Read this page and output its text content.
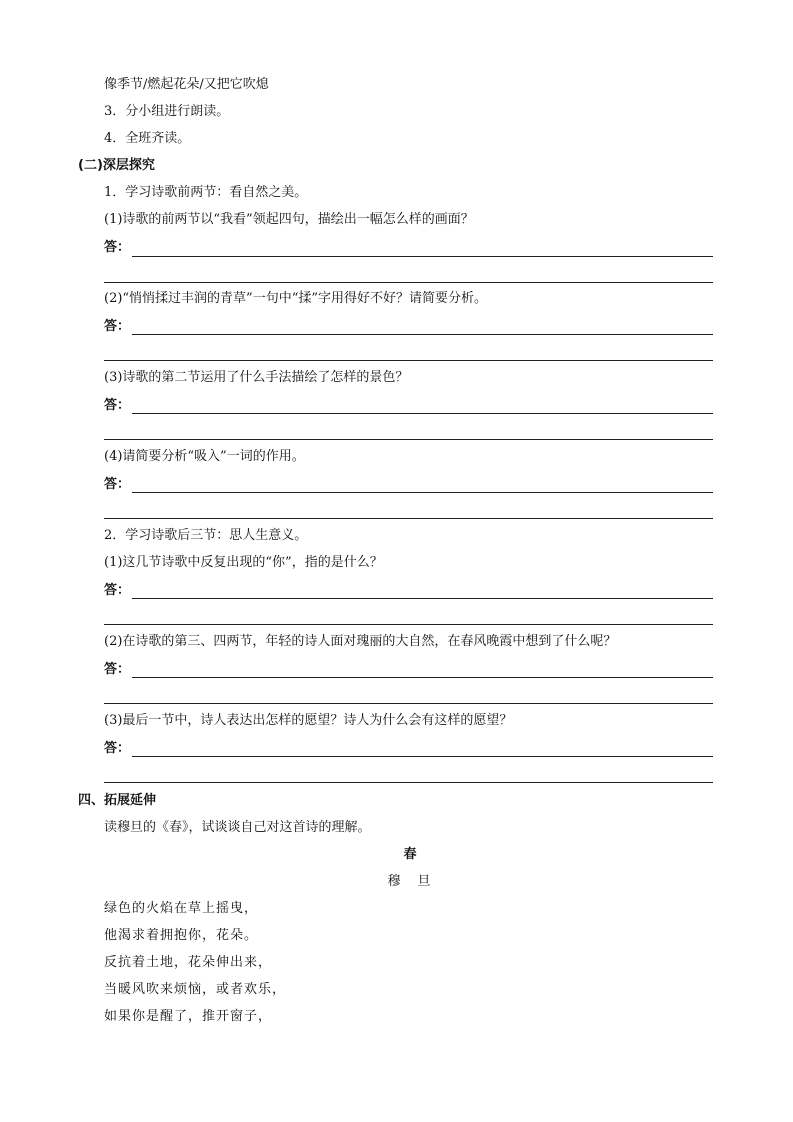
像季节/燃起花朵/又把它吹熄
3．分小组进行朗读。
4．全班齐读。
(二)深层探究
1．学习诗歌前两节：看自然之美。
(1)诗歌的前两节以“我看”领起四句，描绘出一幅怎么样的画面？
答：
(2)“悄悄揉过丰润的青草”一句中“揉”字用得好不好？请简要分析。
答：
(3)诗歌的第二节运用了什么手法描绘了怎样的景色？
答：
(4)请简要分析“吸入”一词的作用。
答：
2．学习诗歌后三节：思人生意义。
(1)这几节诗歌中反复出现的“你”，指的是什么？
答：
(2)在诗歌的第三、四两节，年轻的诗人面对瑰丽的大自然，在春风晚霞中想到了什么呢？
答：
(3)最后一节中，诗人表达出怎样的愿望？诗人为什么会有这样的愿望？
答：
四、拓展延伸
读穆旦的《春》，试谈谈自己对这首诗的理解。
春
穆　旦
绿色的火焰在草上摇曳，
他渴求着拥抱你，花朵。
反抗着土地，花朵伸出来，
当暖风吹来烦恼，或者欢乐，
如果你是醒了，推开窗子，
